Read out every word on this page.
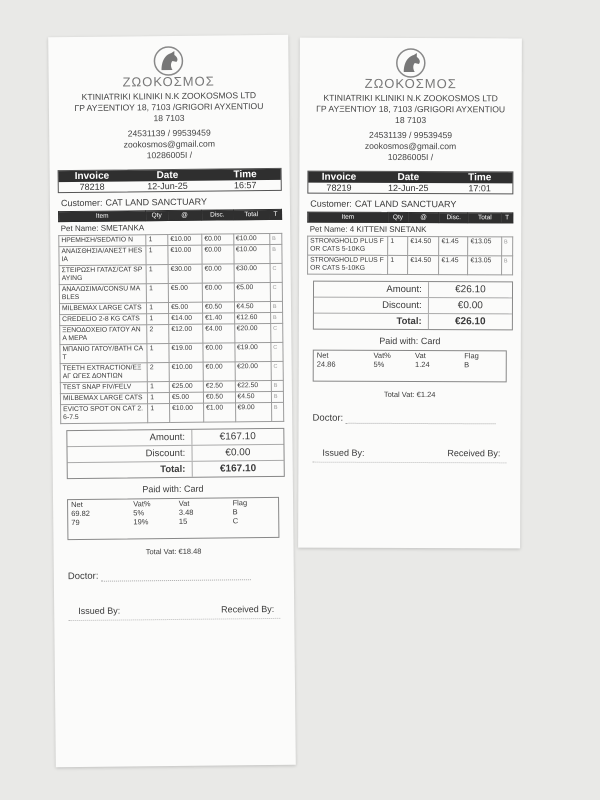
ΖΩΟΚΟΣΜΟΣ
KTINIATRIKI KLINIKI N.K ZOOKOSMOS LTD
ΓΡ ΑΥΞΕΝΤΙΟΥ 18, 7103 /GRIGORI AYXENTIOU
18 7103
24531139 / 99539459
zookosmos@gmail.com
10286005I /
Invoice	Date	Time
78218	12-Jun-25	16:57
Customer: CAT LAND SANCTUARY
Item	Qty	@	Disc.	Total	T
Pet Name: SMETANKA					
ΗΡΕΜΗΣΗ/SEDATIO N	1	€10.00	€0.00	€10.00	B
ΑΝΑΙΣΘΗΣΙΑ/ΑΝΕΣΤ HESIA	1	€10.00	€0.00	€10.00	B
ΣΤΕΙΡΩΣΗ ΓΑΤΑΣ/CAT SPAYING	1	€30.00	€0.00	€30.00	C
ΑΝΑΛΩΣΙΜΑ/CONSU MABLES	1	€5.00	€0.00	€5.00	C
MILBEMAX LARGE CATS	1	€5.00	€0.50	€4.50	B
CREDELIO 2-8 KG CATS	1	€14.00	€1.40	€12.60	B
ΞΕΝΟΔΟΧΕΙΟ ΓΑΤΟΥ ΑΝΑ ΜΕΡΑ	2	€12.00	€4.00	€20.00	C
ΜΠΑΝΙΟ ΓΑΤΟΥ/BATH CAT	1	€19.00	€0.00	€19.00	C
TEETH EXTRACTION/ΕΞΑΓ ΩΓΕΣ ΔΟΝΤΙΩΝ	2	€10.00	€0.00	€20.00	C
TEST SNAP FIV/FELV	1	€25.00	€2.50	€22.50	B
MILBEMAX LARGE CATS	1	€5.00	€0.50	€4.50	B
EVICTO SPOT ON CAT 2.6-7.5	1	€10.00	€1.00	€9.00	B
Amount:	€167.10
Discount:	€0.00
Total:	€167.10
Paid with: Card
Net	Vat%	Vat	Flag
69.82	5%	3.48	B
79	19%	15	C
Total Vat: €18.48
Doctor:
Issued By:	Received By:
ΖΩΟΚΟΣΜΟΣ
KTINIATRIKI KLINIKI N.K ZOOKOSMOS LTD
ΓΡ ΑΥΞΕΝΤΙΟΥ 18, 7103 /GRIGORI AYXENTIOU
18 7103
24531139 / 99539459
zookosmos@gmail.com
10286005I /
Invoice	Date	Time
78219	12-Jun-25	17:01
Customer: CAT LAND SANCTUARY
Item	Qty	@	Disc.	Total	T
Pet Name: 4 KITTENI SNETANK					
STRONGHOLD PLUS FOR CATS 5-10KG	1	€14.50	€1.45	€13.05	B
STRONGHOLD PLUS FOR CATS 5-10KG	1	€14.50	€1.45	€13.05	B
Amount:	€26.10
Discount:	€0.00
Total:	€26.10
Paid with: Card
Net	Vat%	Vat	Flag
24.86	5%	1.24	B
Total Vat: €1.24
Doctor:
Issued By:	Received By:
